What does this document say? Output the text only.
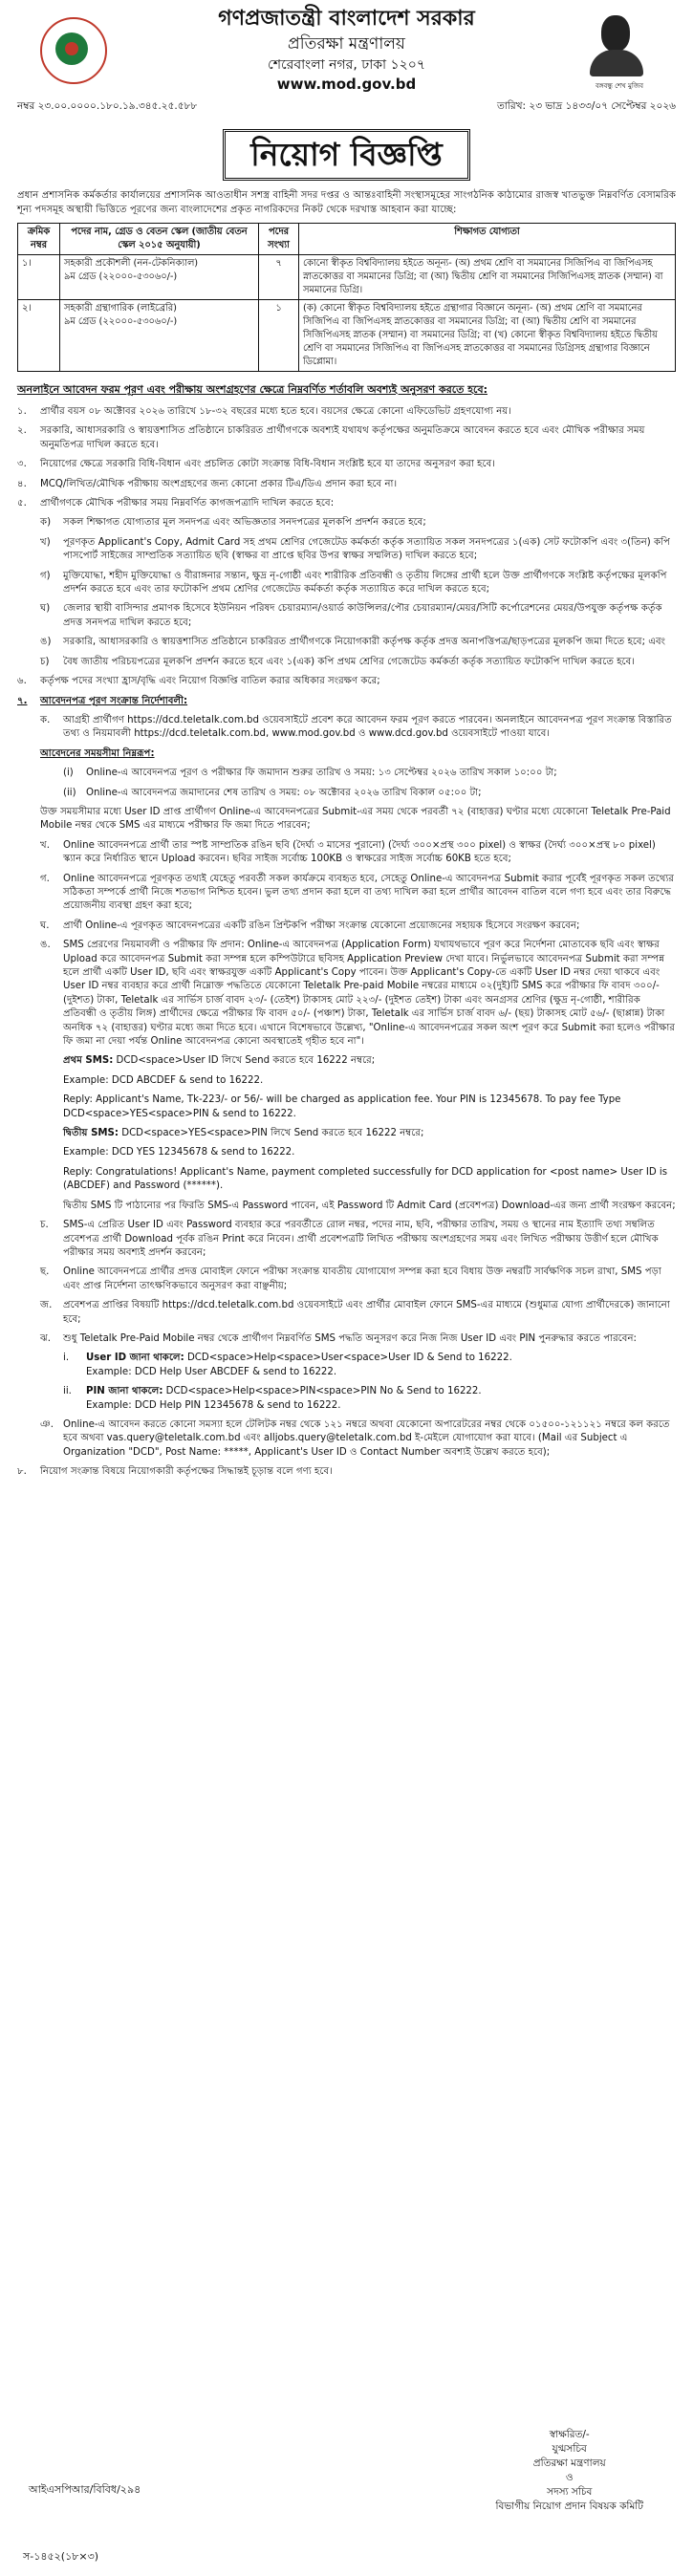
বঙ্গবন্ধু শেখ মুজিব
গণপ্রজাতন্ত্রী বাংলাদেশ সরকার
প্রতিরক্ষা মন্ত্রণালয়
শেরেবাংলা নগর, ঢাকা ১২০৭
www.mod.gov.bd
নম্বর ২৩.০০.০০০০.১৮০.১৯.৩৪৫.২৫.৫৮৮	তারিখ: ২৩ ভাদ্র ১৪৩৩/০৭ সেপ্টেম্বর ২০২৬
নিয়োগ বিজ্ঞপ্তি
প্রধান প্রশাসনিক কর্মকর্তার কার্যালয়ের প্রশাসনিক আওতাধীন সশস্ত্র বাহিনী সদর দপ্তর ও আন্তঃবাহিনী সংস্থাসমূহের সাংগঠনিক কাঠামোর রাজস্ব খাতভুক্ত নিম্নবর্ণিত বেসামরিক শূন্য পদসমূহ অস্থায়ী ভিত্তিতে পূরণের জন্য বাংলাদেশের প্রকৃত নাগরিকদের নিকট থেকে দরখাস্ত আহবান করা যাচ্ছে:
ক্রমিক নম্বর	পদের নাম, গ্রেড ও বেতন স্কেল (জাতীয় বেতন স্কেল ২০১৫ অনুযায়ী)	পদের সংখ্যা	শিক্ষাগত যোগ্যতা
১।	সহকারী প্রকৌশলী (নন-টেকনিক্যাল)
৯ম গ্রেড (২২০০০-৫৩০৬০/-)	৭	কোনো স্বীকৃত বিশ্ববিদ্যালয় হইতে অনূন্য- (অ) প্রথম শ্রেণি বা সমমানের সিজিপিএ বা জিপিএসহ স্নাতকোত্তর বা সমমানের ডিগ্রি; বা (আ) দ্বিতীয় শ্রেণি বা সমমানের সিজিপিএসহ স্নাতক (সম্মান) বা সমমানের ডিগ্রি।
২।	সহকারী গ্রন্থাগারিক (লাইব্রেরি)
৯ম গ্রেড (২২০০০-৫৩০৬০/-)	১	(ক) কোনো স্বীকৃত বিশ্ববিদ্যালয় হইতে গ্রন্থাগার বিজ্ঞানে অনূন্য- (অ) প্রথম শ্রেণি বা সমমানের সিজিপিএ বা জিপিএসহ স্নাতকোত্তর বা সমমানের ডিগ্রি; বা (আ) দ্বিতীয় শ্রেণি বা সমমানের সিজিপিএসহ স্নাতক (সম্মান) বা সমমানের ডিগ্রি; বা (খ) কোনো স্বীকৃত বিশ্ববিদ্যালয় হইতে দ্বিতীয় শ্রেণি বা সমমানের সিজিপিএ বা জিপিএসহ স্নাতকোত্তর বা সমমানের ডিগ্রিসহ গ্রন্থাগার বিজ্ঞানে ডিপ্লোমা।
অনলাইনে আবেদন ফরম পূরণ এবং পরীক্ষায় অংশগ্রহণের ক্ষেত্রে নিম্নবর্ণিত শর্তাবলি অবশ্যই অনুসরণ করতে হবে:
১.	প্রার্থীর বয়স ০৮ অক্টোবর ২০২৬ তারিখে ১৮-৩২ বছরের মধ্যে হতে হবে। বয়সের ক্ষেত্রে কোনো এফিডেভিট গ্রহণযোগ্য নয়।
২.	সরকারি, আধাসরকারি ও স্বায়ত্তশাসিত প্রতিষ্ঠানে চাকরিরত প্রার্থীগণকে অবশ্যই যথাযথ কর্তৃপক্ষের অনুমতিক্রমে আবেদন করতে হবে এবং মৌখিক পরীক্ষার সময় অনুমতিপত্র দাখিল করতে হবে।
৩.	নিয়োগের ক্ষেত্রে সরকারি বিধি-বিধান এবং প্রচলিত কোটা সংক্রান্ত বিধি-বিধান সংশ্লিষ্ট হবে যা তাদের অনুসরণ করা হবে।
৪.	MCQ/লিখিত/মৌখিক পরীক্ষায় অংশগ্রহণের জন্য কোনো প্রকার টিএ/ডিএ প্রদান করা হবে না।
৫.	প্রার্থীগণকে মৌখিক পরীক্ষার সময় নিম্নবর্ণিত কাগজপত্রাদি দাখিল করতে হবে:
ক)	সকল শিক্ষাগত যোগ্যতার মূল সনদপত্র এবং অভিজ্ঞতার সনদপত্রের মূলকপি প্রদর্শন করতে হবে;
খ)	পূরণকৃত Applicant's Copy, Admit Card সহ প্রথম শ্রেণির গেজেটেড কর্মকর্তা কর্তৃক সত্যায়িত সকল সনদপত্রের ১(এক) সেট ফটোকপি এবং ৩(তিন) কপি পাসপোর্ট সাইজের সাম্প্রতিক সত্যায়িত ছবি (স্বাক্ষর বা প্রাপ্তে ছবির উপর স্বাক্ষর সম্মলিত) দাখিল করতে হবে;
গ)	মুক্তিযোদ্ধা, শহীদ মুক্তিযোদ্ধা ও বীরাঙ্গনার সন্তান, ক্ষুদ্র নৃ-গোষ্ঠী এবং শারীরিক প্রতিবন্ধী ও তৃতীয় লিঙ্গের প্রার্থী হলে উক্ত প্রার্থীগণকে সংশ্লিষ্ট কর্তৃপক্ষের মূলকপি প্রদর্শন করতে হবে এবং তার ফটোকপি প্রথম শ্রেণির গেজেটেড কর্মকর্তা কর্তৃক সত্যায়িত করে দাখিল করতে হবে;
ঘ)	জেলার স্থায়ী বাসিন্দার প্রমাণক হিসেবে ইউনিয়ন পরিষদ চেয়ারম্যান/ওয়ার্ড কাউন্সিলর/পৌর চেয়ারম্যান/মেয়র/সিটি কর্পোরেশনের মেয়র/উপযুক্ত কর্তৃপক্ষ কর্তৃক প্রদত্ত সনদপত্র দাখিল করতে হবে;
ঙ)	সরকারি, আধাসরকারি ও স্বায়ত্তশাসিত প্রতিষ্ঠানে চাকরিরত প্রার্থীগণকে নিয়োগকারী কর্তৃপক্ষ কর্তৃক প্রদত্ত অনাপত্তিপত্র/ছাড়পত্রের মূলকপি জমা দিতে হবে; এবং
চ)	বৈধ জাতীয় পরিচয়পত্রের মূলকপি প্রদর্শন করতে হবে এবং ১(এক) কপি প্রথম শ্রেণির গেজেটেড কর্মকর্তা কর্তৃক সত্যায়িত ফটোকপি দাখিল করতে হবে।
৬.	কর্তৃপক্ষ পদের সংখ্যা হ্রাস/বৃদ্ধি এবং নিয়োগ বিজ্ঞপ্তি বাতিল করার অধিকার সংরক্ষণ করে;
৭.	আবেদনপত্র পূরণ সংক্রান্ত নির্দেশাবলী:
ক.	আগ্রহী প্রার্থীগণ https://dcd.teletalk.com.bd ওয়েবসাইটে প্রবেশ করে আবেদন ফরম পূরণ করতে পারবেন। অনলাইনে আবেদনপত্র পূরণ সংক্রান্ত বিস্তারিত তথ্য ও নিয়মাবলী https://dcd.teletalk.com.bd, www.mod.gov.bd ও www.dcd.gov.bd ওয়েবসাইটে পাওয়া যাবে।
আবেদনের সময়সীমা নিম্নরূপ:
(i)	Online-এ আবেদনপত্র পূরণ ও পরীক্ষার ফি জমাদান শুরুর তারিখ ও সময়: ১৩ সেপ্টেম্বর ২০২৬ তারিখ সকাল ১০:০০ টা;
(ii)	Online-এ আবেদনপত্র জমাদানের শেষ তারিখ ও সময়: ০৮ অক্টোবর ২০২৬ তারিখ বিকাল ০৫:০০ টা;
উক্ত সময়সীমার মধ্যে User ID প্রাপ্ত প্রার্থীগণ Online-এ আবেদনপত্রের Submit-এর সময় থেকে পরবর্তী ৭২ (বাহাত্তর) ঘণ্টার মধ্যে যেকোনো Teletalk Pre-Paid Mobile নম্বর থেকে SMS এর মাধ্যমে পরীক্ষার ফি জমা দিতে পারবেন;
খ.	Online আবেদনপত্রে প্রার্থী তার স্পষ্ট সাম্প্রতিক রঙিন ছবি (দৈর্ঘ্য ৩ মাসের পুরানো) (দৈর্ঘ্য ৩০০×প্রস্থ ৩০০ pixel) ও স্বাক্ষর (দৈর্ঘ্য ৩০০×প্রস্থ ৮০ pixel) স্ক্যান করে নির্ধারিত স্থানে Upload করবেন। ছবির সাইজ সর্বোচ্চ 100KB ও স্বাক্ষরের সাইজ সর্বোচ্চ 60KB হতে হবে;
গ.	Online আবেদনপত্রে পূরণকৃত তথ্যই যেহেতু পরবর্তী সকল কার্যক্রমে ব্যবহৃত হবে, সেহেতু Online-এ আবেদনপত্র Submit করার পূর্বেই পূরণকৃত সকল তথ্যের সঠিকতা সম্পর্কে প্রার্থী নিজে শতভাগ নিশ্চিত হবেন। ভুল তথ্য প্রদান করা হলে বা তথ্য দাখিল করা হলে প্রার্থীর আবেদন বাতিল বলে গণ্য হবে এবং তার বিরুদ্ধে প্রয়োজনীয় ব্যবস্থা গ্রহণ করা হবে;
ঘ.	প্রার্থী Online-এ পূরণকৃত আবেদনপত্রের একটি রঙিন প্রিন্টকপি পরীক্ষা সংক্রান্ত যেকোনো প্রয়োজনের সহায়ক হিসেবে সংরক্ষণ করবেন;
ঙ.	SMS প্রেরণের নিয়মাবলী ও পরীক্ষার ফি প্রদান: Online-এ আবেদনপত্র (Application Form) যথাযথভাবে পূরণ করে নির্দেশনা মোতাবেক ছবি এবং স্বাক্ষর Upload করে আবেদনপত্র Submit করা সম্পন্ন হলে কম্পিউটারে ছবিসহ Application Preview দেখা যাবে। নির্ভুলভাবে আবেদনপত্র Submit করা সম্পন্ন হলে প্রার্থী একটি User ID, ছবি এবং স্বাক্ষরযুক্ত একটি Applicant's Copy পাবেন। উক্ত Applicant's Copy-তে একটি User ID নম্বর দেয়া থাকবে এবং User ID নম্বর ব্যবহার করে প্রার্থী নিম্নোক্ত পদ্ধতিতে যেকোনো Teletalk Pre-paid Mobile নম্বরের মাধ্যমে ০২(দুই)টি SMS করে পরীক্ষার ফি বাবদ ৩০০/- (দুইশত) টাকা, Teletalk এর সার্ভিস চার্জ বাবদ ২৩/- (তেইশ) টাকাসহ মোট ২২৩/- (দুইশত তেইশ) টাকা এবং অনগ্রসর শ্রেণির (ক্ষুদ্র নৃ-গোষ্ঠী, শারীরিক প্রতিবন্ধী ও তৃতীয় লিঙ্গ) প্রার্থীদের ক্ষেত্রে পরীক্ষার ফি বাবদ ৫০/- (পঞ্চাশ) টাকা, Teletalk এর সার্ভিস চার্জ বাবদ ৬/- (ছয়) টাকাসহ মোট ৫৬/- (ছাপ্পান্ন) টাকা অনধিক ৭২ (বাহাত্তর) ঘণ্টার মধ্যে জমা দিতে হবে। এখানে বিশেষভাবে উল্লেখ্য, "Online-এ আবেদনপত্রের সকল অংশ পূরণ করে Submit করা হলেও পরীক্ষার ফি জমা না দেয়া পর্যন্ত Online আবেদনপত্র কোনো অবস্থাতেই গৃহীত হবে না"।
প্রথম SMS:
DCD<space>User ID লিখে Send করতে হবে 16222 নম্বরে;
Example: DCD ABCDEF & send to 16222.
Reply: Applicant's Name, Tk-223/- or 56/- will be charged as application fee. Your PIN is 12345678. To pay fee Type DCD<space>YES<space>PIN & send to 16222.
দ্বিতীয় SMS:
DCD<space>YES<space>PIN লিখে Send করতে হবে 16222 নম্বরে;
Example: DCD YES 12345678 & send to 16222.
Reply: Congratulations! Applicant's Name, payment completed successfully for DCD application for <post name> User ID is (ABCDEF) and Password (******).
দ্বিতীয় SMS টি পাঠানোর পর ফিরতি SMS-এ Password পাবেন, এই Password টি Admit Card (প্রবেশপত্র) Download-এর জন্য প্রার্থী সংরক্ষণ করবেন;
চ.	SMS-এ প্রেরিত User ID এবং Password ব্যবহার করে পরবর্তীতে রোল নম্বর, পদের নাম, ছবি, পরীক্ষার তারিখ, সময় ও স্থানের নাম ইত্যাদি তথ্য সম্বলিত প্রবেশপত্র প্রার্থী Download পূর্বক রঙিন Print করে নিবেন। প্রার্থী প্রবেশপত্রটি লিখিত পরীক্ষায় অংশগ্রহণের সময় এবং লিখিত পরীক্ষায় উত্তীর্ণ হলে মৌখিক পরীক্ষার সময় অবশ্যই প্রদর্শন করবেন;
ছ.	Online আবেদনপত্রে প্রার্থীর প্রদত্ত মোবাইল ফোনে পরীক্ষা সংক্রান্ত যাবতীয় যোগাযোগ সম্পন্ন করা হবে বিধায় উক্ত নম্বরটি সার্বক্ষণিক সচল রাখা, SMS পড়া এবং প্রাপ্ত নির্দেশনা তাৎক্ষণিকভাবে অনুসরণ করা বাঞ্ছনীয়;
জ.	প্রবেশপত্র প্রাপ্তির বিষয়টি https://dcd.teletalk.com.bd ওয়েবসাইটে এবং প্রার্থীর মোবাইল ফোনে SMS-এর মাধ্যমে (শুধুমাত্র যোগ্য প্রার্থীদেরকে) জানানো হবে;
ঝ.	শুধু Teletalk Pre-Paid Mobile নম্বর থেকে প্রার্থীগণ নিম্নবর্ণিত SMS পদ্ধতি অনুসরণ করে নিজ নিজ User ID এবং PIN পুনরুদ্ধার করতে পারবেন:
i.	User ID জানা থাকলে: DCD<space>Help<space>User<space>User ID & Send to 16222.
Example: DCD Help User ABCDEF & send to 16222.
ii.	PIN জানা থাকলে: DCD<space>Help<space>PIN<space>PIN No & Send to 16222.
Example: DCD Help PIN 12345678 & send to 16222.
ঞ. Online-এ আবেদন করতে কোনো সমস্যা হলে টেলিটক নম্বর থেকে ১২১ নম্বরে অথবা যেকোনো অপারেটরের নম্বর থেকে ০১৫০০-১২১১২১ নম্বরে কল করতে হবে অথবা vas.query@teletalk.com.bd এবং alljobs.query@teletalk.com.bd ই-মেইলে যোগাযোগ করা যাবে। (Mail এর Subject এ Organization "DCD", Post Name: *****, Applicant's User ID ও Contact Number অবশ্যই উল্লেখ করতে হবে);
৮.	নিয়োগ সংক্রান্ত বিষয়ে নিয়োগকারী কর্তৃপক্ষের সিদ্ধান্তই চূড়ান্ত বলে গণ্য হবে।
স্বাক্ষরিত/-
যুগ্মসচিব
প্রতিরক্ষা মন্ত্রণালয়
ও
সদস্য সচিব
বিভাগীয় নিয়োগ প্রদান বিষয়ক কমিটি
আইএসপিআর/বিবিধ/২৯৪
স-১৪৫২(১৮×৩)
